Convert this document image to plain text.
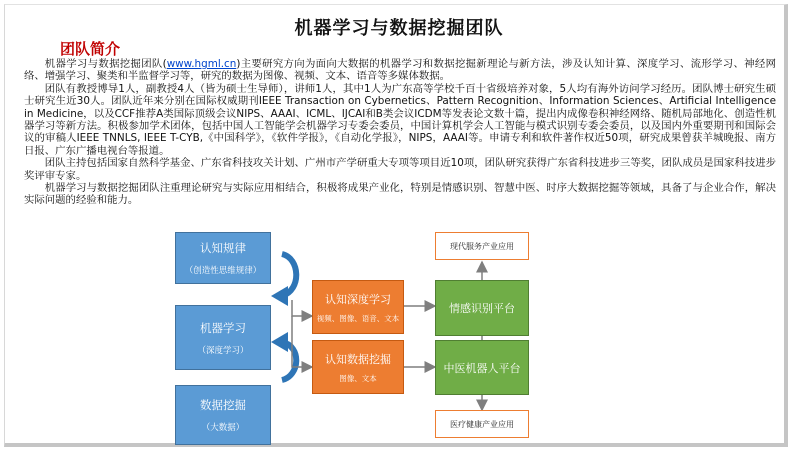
机器学习与数据挖掘团队
团队简介

机器学习与数据挖掘团队(www.hgml.cn)主要研究方向为面向大数据的机器学习和数据挖掘新理论与新方法，涉及认知计算、深度学习、流形学习、神经网络、增强学习、聚类和半监督学习等，研究的数据为图像、视频、文本、语音等多媒体数据。

团队有教授博导1人，副教授4人（皆为硕士生导师），讲师1人，其中1人为广东高等学校千百十省级培养对象，5人均有海外访问学习经历。团队博士研究生硕士研究生近30人。团队近年来分别在国际权威期刊IEEE Transaction on Cybernetics、Pattern Recognition、Information Sciences、Artificial Intelligence in Medicine，以及CCF推荐A类国际顶级会议NIPS、AAAI、ICML、IJCAI和B类会议ICDM等发表论文数十篇，提出内成像卷积神经网络、随机局部地化、创造性机器学习等新方法。积极参加学术团体，包括中国人工智能学会机器学习专委会委员，中国计算机学会人工智能与模式识别专委会委员，以及国内外重要期刊和国际会议的审稿人IEEE TNNLS, IEEE T-CYB,《中国科学》，《软件学报》，《自动化学报》，NIPS，AAAI等。申请专利和软件著作权近50项，研究成果曾获羊城晚报、南方日报、广东广播电视台等报道。

团队主持包括国家自然科学基金、广东省科技攻关计划、广州市产学研重大专项等项目近10项，团队研究获得广东省科技进步三等奖，团队成员是国家科技进步奖评审专家。

机器学习与数据挖掘团队注重理论研究与实际应用相结合，积极将成果产业化，特别是情感识别、智慧中医、时序大数据挖掘等领域，具备了与企业合作，解决实际问题的经验和能力。

认知规律
（创造性思维规律）
机器学习
（深度学习）
数据挖掘
（大数据）
认知深度学习
视频、图像、语音、文本
认知数据挖掘
图像、文本
现代服务产业应用
医疗健康产业应用
情感识别平台
中医机器人平台
